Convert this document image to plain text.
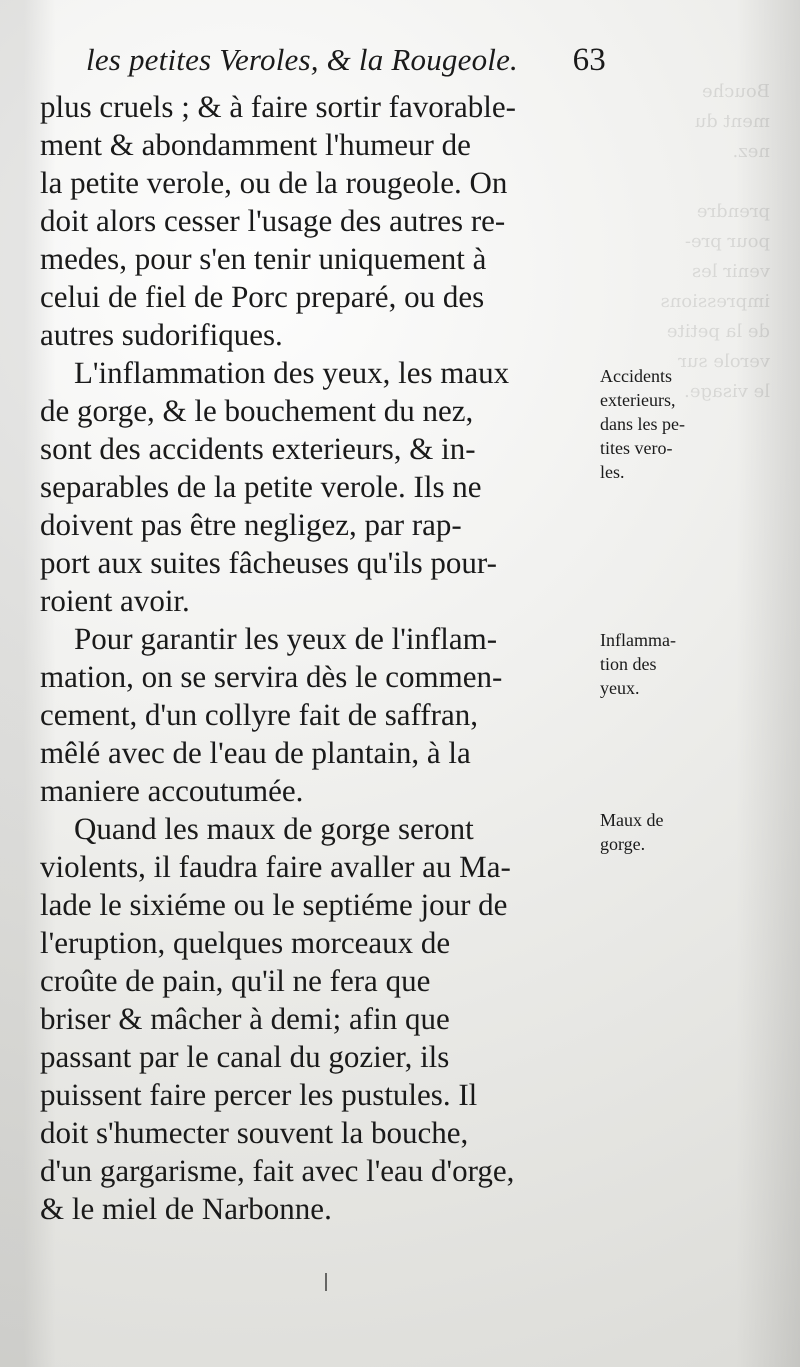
Bouche
ment du
nez.

prendre
pour pre-
venir les
impressions
de la petite
verole sur
le visage.
les petites Veroles, & la Rougeole. 63
plus cruels ; & à faire sortir favorable-
ment & abondamment l'humeur de
la petite verole, ou de la rougeole. On
doit alors cesser l'usage des autres re-
medes, pour s'en tenir uniquement à
celui de fiel de Porc preparé, ou des
autres sudorifiques.
L'inflammation des yeux, les maux
de gorge, & le bouchement du nez,
sont des accidents exterieurs, & in-
separables de la petite verole. Ils ne
doivent pas être negligez, par rap-
port aux suites fâcheuses qu'ils pour-
roient avoir.
Pour garantir les yeux de l'inflam-
mation, on se servira dès le commen-
cement, d'un collyre fait de saffran,
mêlé avec de l'eau de plantain, à la
maniere accoutumée.
Quand les maux de gorge seront
violents, il faudra faire avaller au Ma-
lade le sixiéme ou le septiéme jour de
l'eruption, quelques morceaux de
croûte de pain, qu'il ne fera que
briser & mâcher à demi; afin que
passant par le canal du gozier, ils
puissent faire percer les pustules. Il
doit s'humecter souvent la bouche,
d'un gargarisme, fait avec l'eau d'orge,
& le miel de Narbonne.
Accidents
exterieurs,
dans les pe-
tites vero-
les.
Inflamma-
tion des
yeux.
Maux de
gorge.
